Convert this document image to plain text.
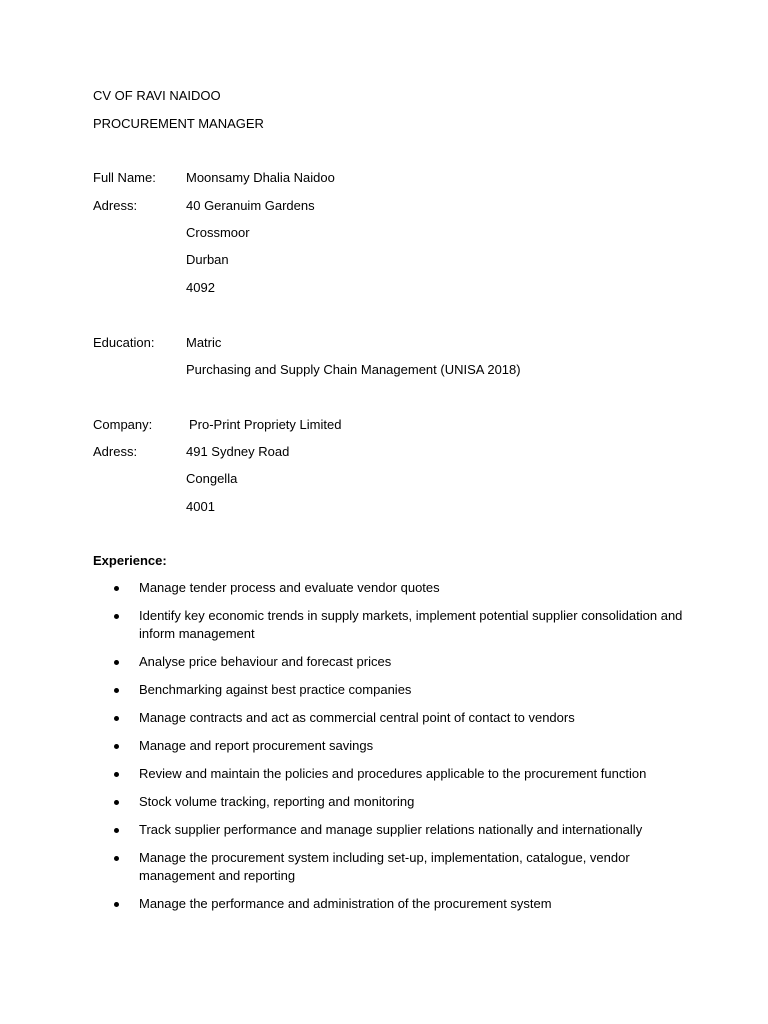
CV OF RAVI NAIDOO
PROCUREMENT MANAGER
Full Name: Moonsamy Dhalia Naidoo
Adress:	40 Geranuim Gardens
Crossmoor
Durban
4092
Education: Matric
Purchasing and Supply Chain Management (UNISA 2018)
Company:	Pro-Print Propriety Limited
Adress:	491 Sydney Road
Congella
4001
Experience:
Manage tender process and evaluate vendor quotes
Identify key economic trends in supply markets, implement potential supplier consolidation and inform management
Analyse price behaviour and forecast prices
Benchmarking against best practice companies
Manage contracts and act as commercial central point of contact to vendors
Manage and report procurement savings
Review and maintain the policies and procedures applicable to the procurement function
Stock volume tracking, reporting and monitoring
Track supplier performance and manage supplier relations nationally and internationally
Manage the procurement system including set-up, implementation, catalogue, vendor management and reporting
Manage the performance and administration of the procurement system
